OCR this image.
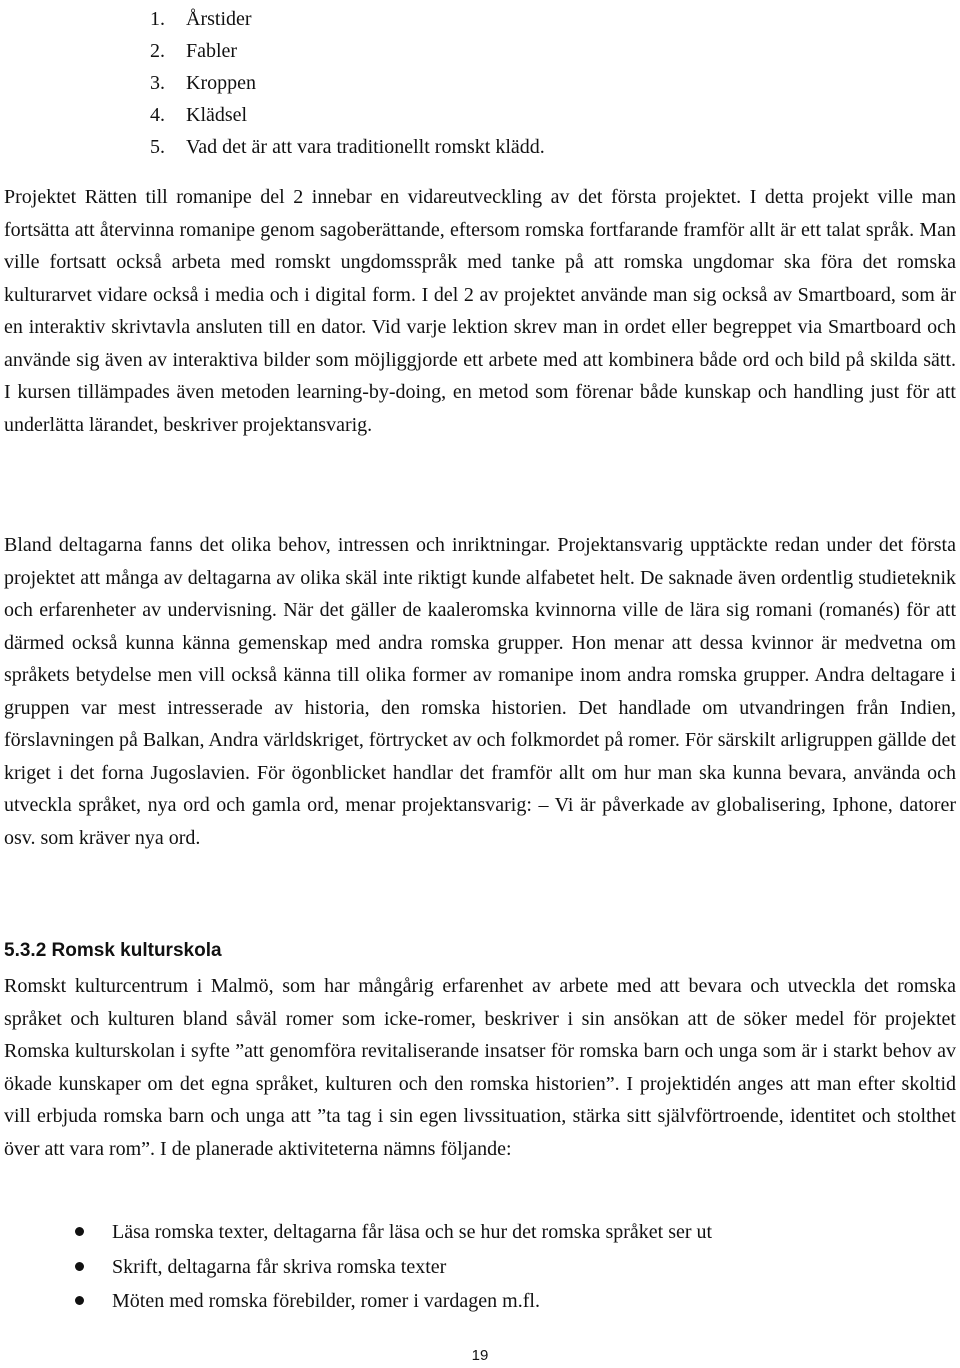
1. Årstider
2. Fabler
3. Kroppen
4. Klädsel
5. Vad det är att vara traditionellt romskt klädd.

Projektet Rätten till romanipe del 2 innebar en vidareutveckling av det första projektet. I detta projekt ville man fortsätta att återvinna romanipe genom sagoberättande, eftersom romska fortfarande framför allt är ett talat språk. Man ville fortsatt också arbeta med romskt ungdomsspråk med tanke på att romska ungdomar ska föra det romska kulturarvet vidare också i media och i digital form. I del 2 av projektet använde man sig också av Smartboard, som är en interaktiv skrivtavla ansluten till en dator. Vid varje lektion skrev man in ordet eller begreppet via Smartboard och använde sig även av interaktiva bilder som möjliggjorde ett arbete med att kombinera både ord och bild på skilda sätt. I kursen tillämpades även metoden learning-by-doing, en metod som förenar både kunskap och handling just för att underlätta lärandet, beskriver projektansvarig.

Bland deltagarna fanns det olika behov, intressen och inriktningar. Projektansvarig upptäckte redan under det första projektet att många av deltagarna av olika skäl inte riktigt kunde alfabetet helt. De saknade även ordentlig studieteknik och erfarenheter av undervisning. När det gäller de kaaleromska kvinnorna ville de lära sig romani (romanés) för att därmed också kunna känna gemenskap med andra romska grupper. Hon menar att dessa kvinnor är medvetna om språkets betydelse men vill också känna till olika former av romanipe inom andra romska grupper. Andra deltagare i gruppen var mest intresserade av historia, den romska historien. Det handlade om utvandringen från Indien, förslavningen på Balkan, Andra världskriget, förtrycket av och folkmordet på romer. För särskilt arligruppen gällde det kriget i det forna Jugoslavien. För ögonblicket handlar det framför allt om hur man ska kunna bevara, använda och utveckla språket, nya ord och gamla ord, menar projektansvarig: – Vi är påverkade av globalisering, Iphone, datorer osv. som kräver nya ord.

5.3.2 Romsk kulturskola

Romskt kulturcentrum i Malmö, som har mångårig erfarenhet av arbete med att bevara och utveckla det romska språket och kulturen bland såväl romer som icke-romer, beskriver i sin ansökan att de söker medel för projektet Romska kulturskolan i syfte ”att genomföra revitaliserande insatser för romska barn och unga som är i starkt behov av ökade kunskaper om det egna språket, kulturen och den romska historien”. I projektidén anges att man efter skoltid vill erbjuda romska barn och unga att ”ta tag i sin egen livssituation, stärka sitt självförtroende, identitet och stolthet över att vara rom”. I de planerade aktiviteterna nämns följande:

Läsa romska texter, deltagarna får läsa och se hur det romska språket ser ut
Skrift, deltagarna får skriva romska texter
Möten med romska förebilder, romer i vardagen m.fl.
19
